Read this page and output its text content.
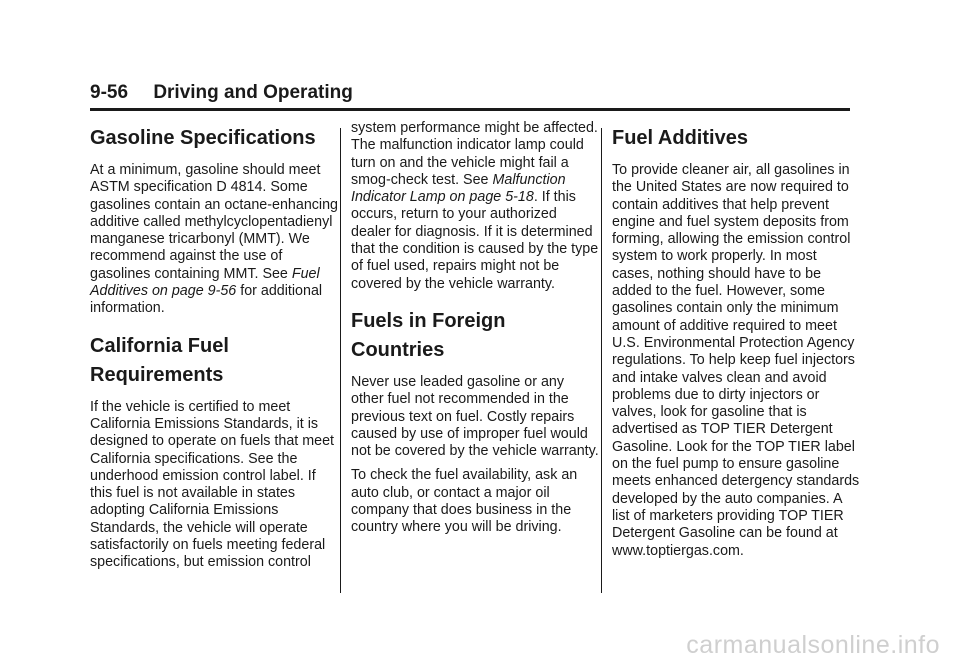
9-56 Driving and Operating
Gasoline Specifications

At a minimum, gasoline should meet ASTM specification D 4814. Some gasolines contain an octane-enhancing additive called methylcyclopentadienyl manganese tricarbonyl (MMT). We recommend against the use of gasolines containing MMT. See Fuel Additives on page 9-56 for additional information.

California Fuel Requirements

If the vehicle is certified to meet California Emissions Standards, it is designed to operate on fuels that meet California specifications. See the underhood emission control label. If this fuel is not available in states adopting California Emissions Standards, the vehicle will operate satisfactorily on fuels meeting federal specifications, but emission control

system performance might be affected. The malfunction indicator lamp could turn on and the vehicle might fail a smog-check test. See Malfunction Indicator Lamp on page 5-18. If this occurs, return to your authorized dealer for diagnosis. If it is determined that the condition is caused by the type of fuel used, repairs might not be covered by the vehicle warranty.

Fuels in Foreign Countries

Never use leaded gasoline or any other fuel not recommended in the previous text on fuel. Costly repairs caused by use of improper fuel would not be covered by the vehicle warranty.

To check the fuel availability, ask an auto club, or contact a major oil company that does business in the country where you will be driving.

Fuel Additives

To provide cleaner air, all gasolines in the United States are now required to contain additives that help prevent engine and fuel system deposits from forming, allowing the emission control system to work properly. In most cases, nothing should have to be added to the fuel. However, some gasolines contain only the minimum amount of additive required to meet U.S. Environmental Protection Agency regulations. To help keep fuel injectors and intake valves clean and avoid problems due to dirty injectors or valves, look for gasoline that is advertised as TOP TIER Detergent Gasoline. Look for the TOP TIER label on the fuel pump to ensure gasoline meets enhanced detergency standards developed by the auto companies. A list of marketers providing TOP TIER Detergent Gasoline can be found at www.toptiergas.com.

carmanualsonline.info
